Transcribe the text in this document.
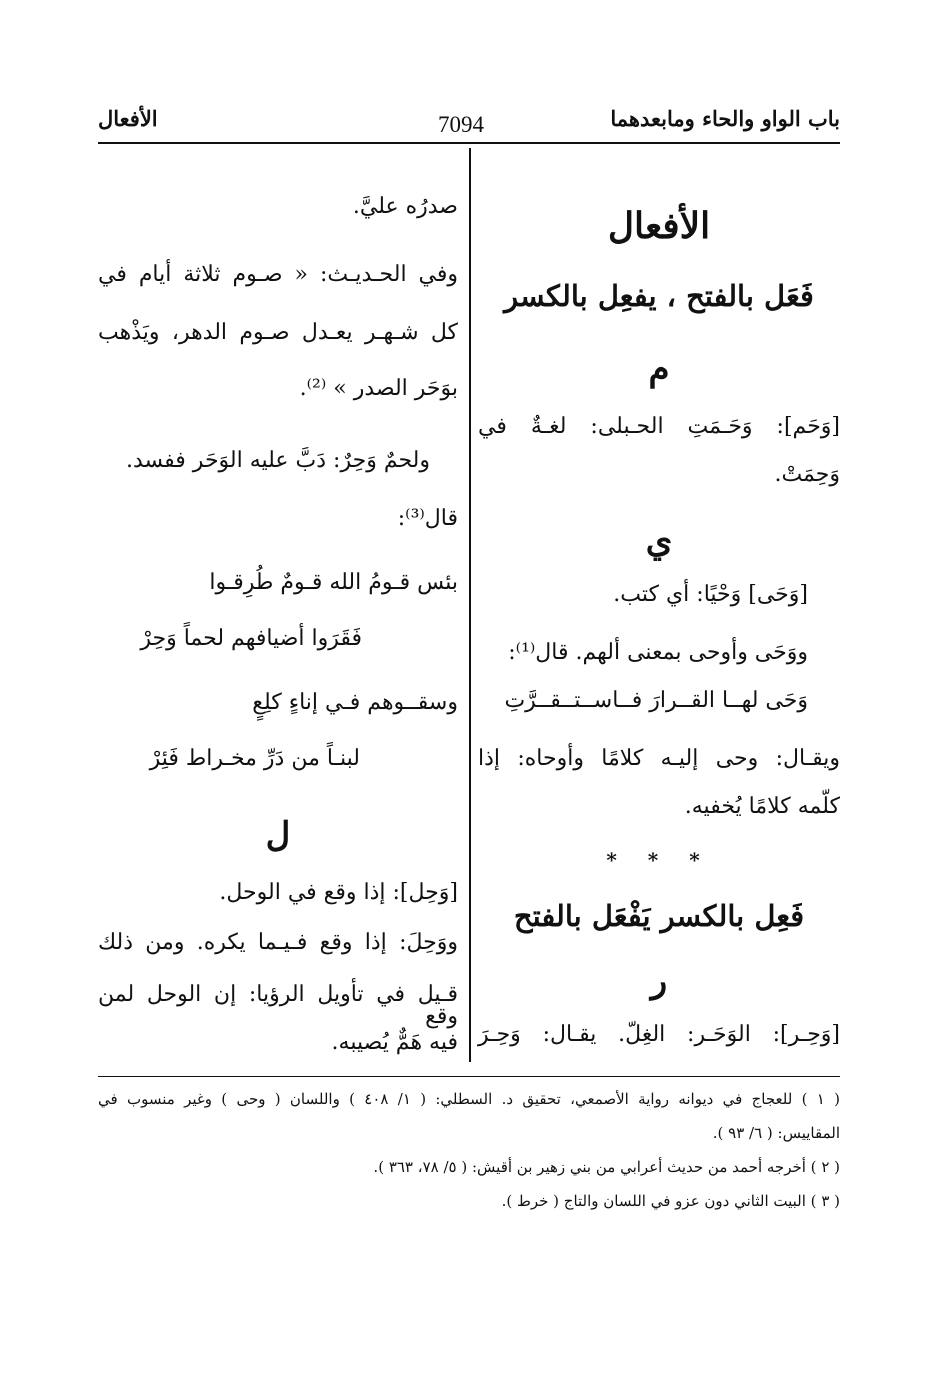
باب الواو والحاء ومابعدهما
7094
الأفعال
الأفعال
فَعَل بالفتح ، يفعِل بالكسر
م
[وَحَم]: وَحَـمَتِ الحـبلى: لغـةٌ في
وَحِمَتْ.
ي
[وَحَى] وَحْيًا: أي كتب.
ووَحَى وأوحى بمعنى ألهم. قال⁽¹⁾:
وَحَى لهــا القــرارَ فــاســتــقــرَّتِ
ويقـال: وحى إليـه كلامًا وأوحاه: إذا
كلّمه كلامًا يُخفيه.
* * *
فَعِل بالكسر يَفْعَل بالفتح
ر
[وَحِـر]: الوَحَـر: الغِلّ. يقـال: وَحِـرَ
صدرُه عليَّ.
وفي الحـديـث: « صـوم ثلاثة أيام في
كل شـهـر يعـدل صـوم الدهر، ويَذْهب
بوَحَر الصدر » ⁽²⁾.
ولحمٌ وَحِرٌ: دَبَّ عليه الوَحَر ففسد.
قال⁽³⁾:
بئس قـومُ الله قـومٌ طُرِقـوا
فَقَرَوا أضيافهم لحماً وَحِرْ
وسقــوهم فـي إناءٍ كلِعٍ
لبنـاً من دَرِّ مخـراط فَئِرْ
ل
[وَحِل]: إذا وقع في الوحل.
ووَحِلَ: إذا وقع فـيـما يكره. ومن ذلك
قـيل في تأويل الرؤيا: إن الوحل لمن وقع
فيه هَمٌّ يُصيبه.
( ١ ) للعجاج في ديوانه رواية الأصمعي، تحقيق د. السطلي: ( ١/ ٤٠٨ ) واللسان ( وحى ) وغير منسوب في
المقاييس: ( ٦/ ٩٣ ).
( ٢ ) أخرجه أحمد من حديث أعرابي من بني زهير بن أقيش: ( ٥/ ٧٨، ٣٦٣ ).
( ٣ ) البيت الثاني دون عزو في اللسان والتاج ( خرط ).
